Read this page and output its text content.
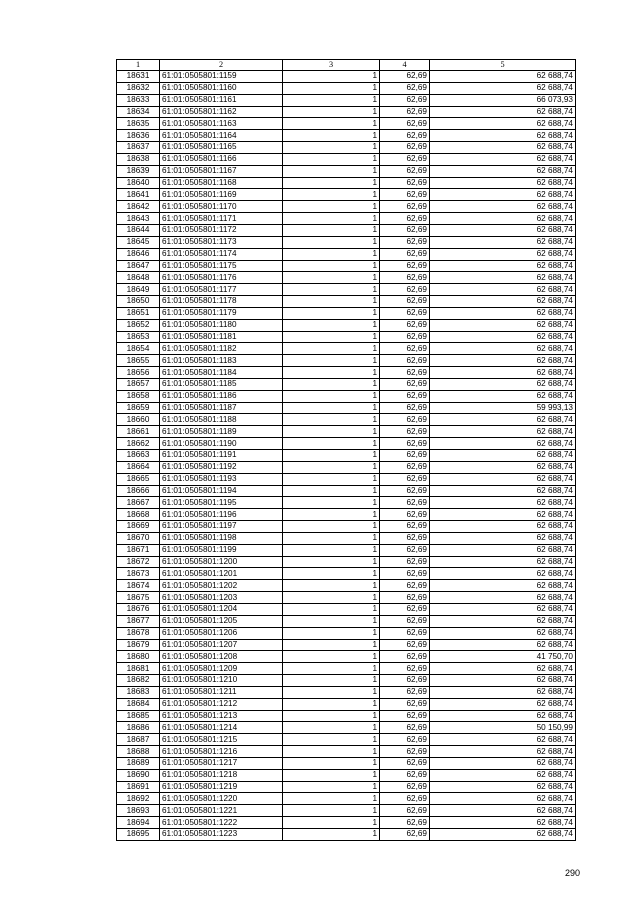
1	2	3	4	5
18631	61:01:0505801:1159	1	62,69	62 688,74
18632	61:01:0505801:1160	1	62,69	62 688,74
18633	61:01:0505801:1161	1	62,69	66 073,93
18634	61:01:0505801:1162	1	62,69	62 688,74
18635	61:01:0505801:1163	1	62,69	62 688,74
18636	61:01:0505801:1164	1	62,69	62 688,74
18637	61:01:0505801:1165	1	62,69	62 688,74
18638	61:01:0505801:1166	1	62,69	62 688,74
18639	61:01:0505801:1167	1	62,69	62 688,74
18640	61:01:0505801:1168	1	62,69	62 688,74
18641	61:01:0505801:1169	1	62,69	62 688,74
18642	61:01:0505801:1170	1	62,69	62 688,74
18643	61:01:0505801:1171	1	62,69	62 688,74
18644	61:01:0505801:1172	1	62,69	62 688,74
18645	61:01:0505801:1173	1	62,69	62 688,74
18646	61:01:0505801:1174	1	62,69	62 688,74
18647	61:01:0505801:1175	1	62,69	62 688,74
18648	61:01:0505801:1176	1	62,69	62 688,74
18649	61:01:0505801:1177	1	62,69	62 688,74
18650	61:01:0505801:1178	1	62,69	62 688,74
18651	61:01:0505801:1179	1	62,69	62 688,74
18652	61:01:0505801:1180	1	62,69	62 688,74
18653	61:01:0505801:1181	1	62,69	62 688,74
18654	61:01:0505801:1182	1	62,69	62 688,74
18655	61:01:0505801:1183	1	62,69	62 688,74
18656	61:01:0505801:1184	1	62,69	62 688,74
18657	61:01:0505801:1185	1	62,69	62 688,74
18658	61:01:0505801:1186	1	62,69	62 688,74
18659	61:01:0505801:1187	1	62,69	59 993,13
18660	61:01:0505801:1188	1	62,69	62 688,74
18661	61:01:0505801:1189	1	62,69	62 688,74
18662	61:01:0505801:1190	1	62,69	62 688,74
18663	61:01:0505801:1191	1	62,69	62 688,74
18664	61:01:0505801:1192	1	62,69	62 688,74
18665	61:01:0505801:1193	1	62,69	62 688,74
18666	61:01:0505801:1194	1	62,69	62 688,74
18667	61:01:0505801:1195	1	62,69	62 688,74
18668	61:01:0505801:1196	1	62,69	62 688,74
18669	61:01:0505801:1197	1	62,69	62 688,74
18670	61:01:0505801:1198	1	62,69	62 688,74
18671	61:01:0505801:1199	1	62,69	62 688,74
18672	61:01:0505801:1200	1	62,69	62 688,74
18673	61:01:0505801:1201	1	62,69	62 688,74
18674	61:01:0505801:1202	1	62,69	62 688,74
18675	61:01:0505801:1203	1	62,69	62 688,74
18676	61:01:0505801:1204	1	62,69	62 688,74
18677	61:01:0505801:1205	1	62,69	62 688,74
18678	61:01:0505801:1206	1	62,69	62 688,74
18679	61:01:0505801:1207	1	62,69	62 688,74
18680	61:01:0505801:1208	1	62,69	41 750,70
18681	61:01:0505801:1209	1	62,69	62 688,74
18682	61:01:0505801:1210	1	62,69	62 688,74
18683	61:01:0505801:1211	1	62,69	62 688,74
18684	61:01:0505801:1212	1	62,69	62 688,74
18685	61:01:0505801:1213	1	62,69	62 688,74
18686	61:01:0505801:1214	1	62,69	50 150,99
18687	61:01:0505801:1215	1	62,69	62 688,74
18688	61:01:0505801:1216	1	62,69	62 688,74
18689	61:01:0505801:1217	1	62,69	62 688,74
18690	61:01:0505801:1218	1	62,69	62 688,74
18691	61:01:0505801:1219	1	62,69	62 688,74
18692	61:01:0505801:1220	1	62,69	62 688,74
18693	61:01:0505801:1221	1	62,69	62 688,74
18694	61:01:0505801:1222	1	62,69	62 688,74
18695	61:01:0505801:1223	1	62,69	62 688,74
290
